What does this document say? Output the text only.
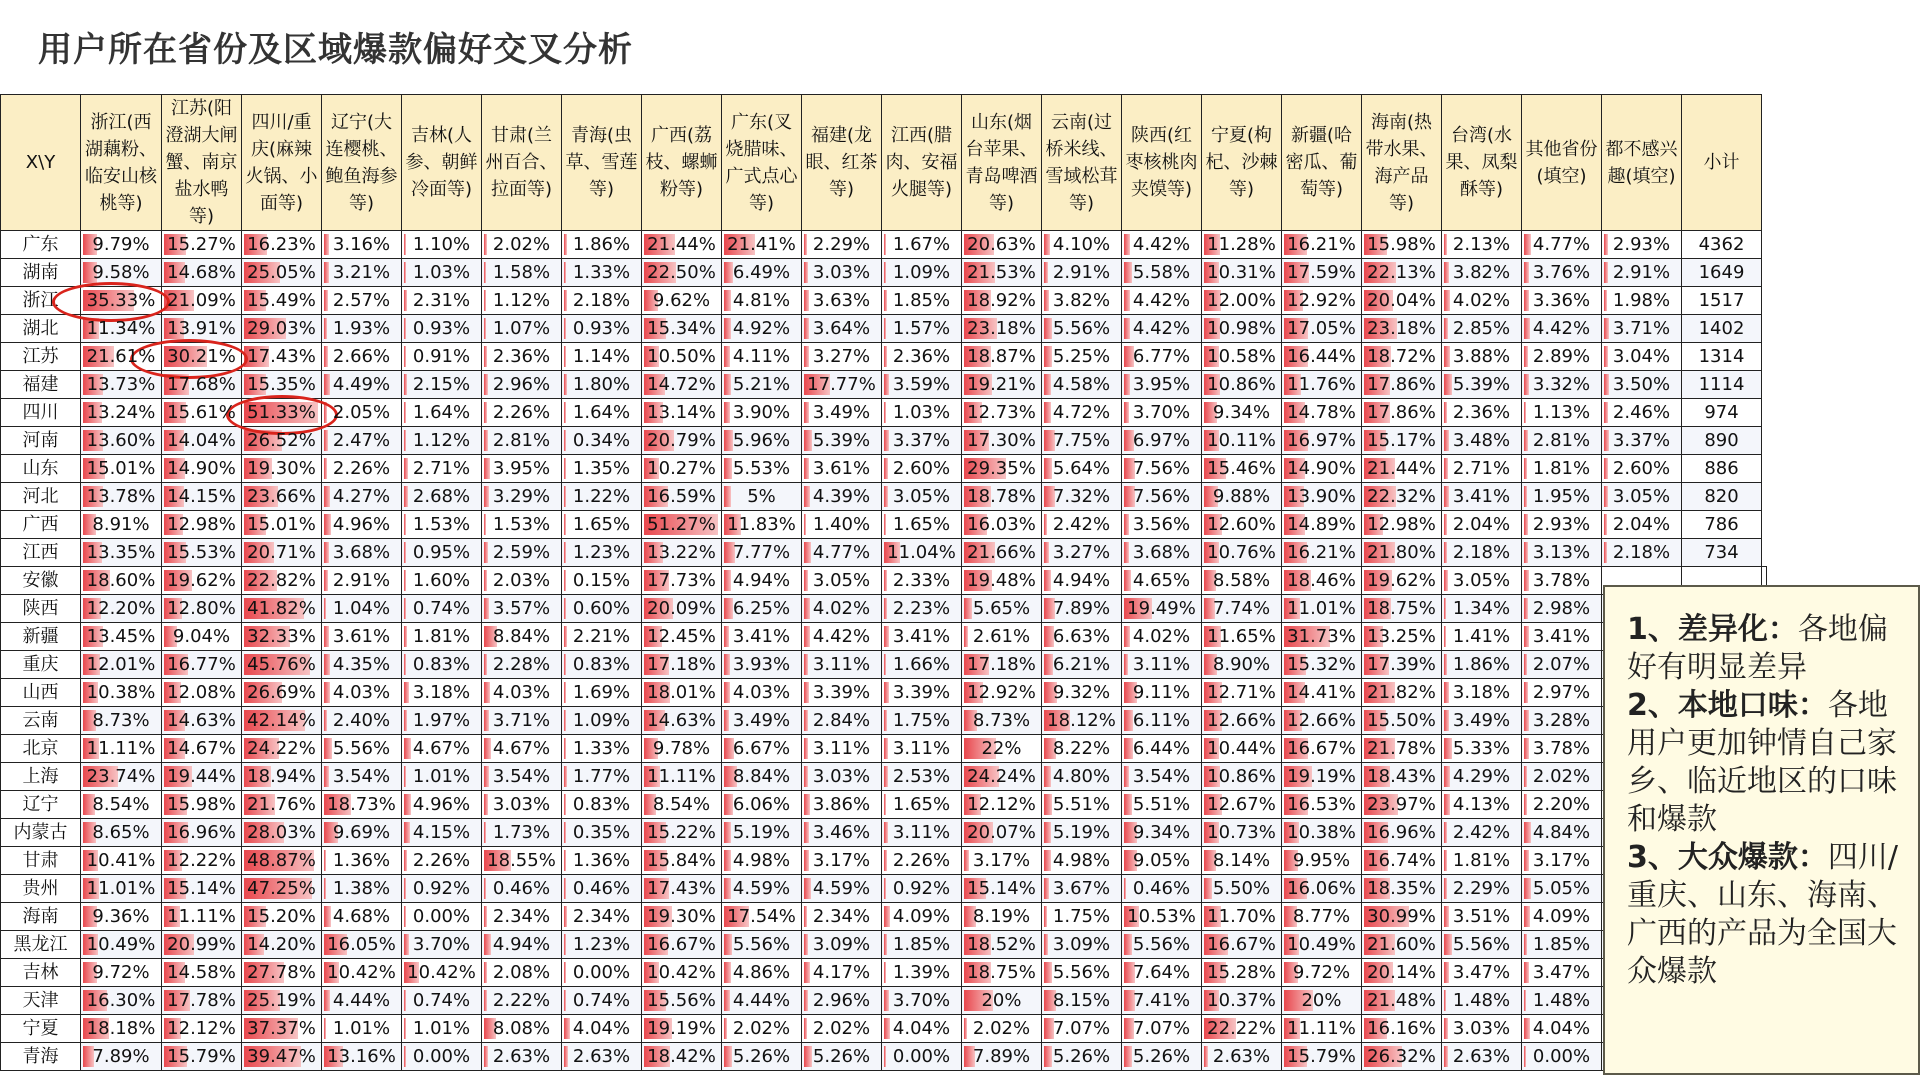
用户所在省份及区域爆款偏好交叉分析
X\Y	浙江(西湖藕粉、临安山核桃等)	江苏(阳澄湖大闸蟹、南京盐水鸭等)	四川/重庆(麻辣火锅、小面等)	辽宁(大连樱桃、鲍鱼海参等)	吉林(人参、朝鲜冷面等)	甘肃(兰州百合、拉面等)	青海(虫草、雪莲等)	广西(荔枝、螺蛳粉等)	广东(叉烧腊味、广式点心等)	福建(龙眼、红茶等)	江西(腊肉、安福火腿等)	山东(烟台苹果、青岛啤酒等)	云南(过桥米线、雪域松茸等)	陕西(红枣核桃肉夹馍等)	宁夏(枸杞、沙棘等)	新疆(哈密瓜、葡萄等)	海南(热带水果、海产品等)	台湾(水果、凤梨酥等)	其他省份 (填空)	都不感兴趣(填空)	小计	
广东	9.79%	15.27%	16.23%	3.16%	1.10%	2.02%	1.86%	21.44%	21.41%	2.29%	1.67%	20.63%	4.10%	4.42%	11.28%	16.21%	15.98%	2.13%	4.77%	2.93%	4362	
湖南	9.58%	14.68%	25.05%	3.21%	1.03%	1.58%	1.33%	22.50%	6.49%	3.03%	1.09%	21.53%	2.91%	5.58%	10.31%	17.59%	22.13%	3.82%	3.76%	2.91%	1649	
浙江	35.33%	21.09%	15.49%	2.57%	2.31%	1.12%	2.18%	9.62%	4.81%	3.63%	1.85%	18.92%	3.82%	4.42%	12.00%	12.92%	20.04%	4.02%	3.36%	1.98%	1517	
湖北	11.34%	13.91%	29.03%	1.93%	0.93%	1.07%	0.93%	15.34%	4.92%	3.64%	1.57%	23.18%	5.56%	4.42%	10.98%	17.05%	23.18%	2.85%	4.42%	3.71%	1402	
江苏	21.61%	30.21%	17.43%	2.66%	0.91%	2.36%	1.14%	10.50%	4.11%	3.27%	2.36%	18.87%	5.25%	6.77%	10.58%	16.44%	18.72%	3.88%	2.89%	3.04%	1314	
福建	13.73%	17.68%	15.35%	4.49%	2.15%	2.96%	1.80%	14.72%	5.21%	17.77%	3.59%	19.21%	4.58%	3.95%	10.86%	11.76%	17.86%	5.39%	3.32%	3.50%	1114	
四川	13.24%	15.61%	51.33%	2.05%	1.64%	2.26%	1.64%	13.14%	3.90%	3.49%	1.03%	12.73%	4.72%	3.70%	9.34%	14.78%	17.86%	2.36%	1.13%	2.46%	974	
河南	13.60%	14.04%	26.52%	2.47%	1.12%	2.81%	0.34%	20.79%	5.96%	5.39%	3.37%	17.30%	7.75%	6.97%	10.11%	16.97%	15.17%	3.48%	2.81%	3.37%	890	
山东	15.01%	14.90%	19.30%	2.26%	2.71%	3.95%	1.35%	10.27%	5.53%	3.61%	2.60%	29.35%	5.64%	7.56%	15.46%	14.90%	21.44%	2.71%	1.81%	2.60%	886	
河北	13.78%	14.15%	23.66%	4.27%	2.68%	3.29%	1.22%	16.59%	5%	4.39%	3.05%	18.78%	7.32%	7.56%	9.88%	13.90%	22.32%	3.41%	1.95%	3.05%	820	
广西	8.91%	12.98%	15.01%	4.96%	1.53%	1.53%	1.65%	51.27%	11.83%	1.40%	1.65%	16.03%	2.42%	3.56%	12.60%	14.89%	12.98%	2.04%	2.93%	2.04%	786	
江西	13.35%	15.53%	20.71%	3.68%	0.95%	2.59%	1.23%	13.22%	7.77%	4.77%	11.04%	21.66%	3.27%	3.68%	10.76%	16.21%	21.80%	2.18%	3.13%	2.18%	734	
安徽	18.60%	19.62%	22.82%	2.91%	1.60%	2.03%	0.15%	17.73%	4.94%	3.05%	2.33%	19.48%	4.94%	4.65%	8.58%	18.46%	19.62%	3.05%	3.78%			
陕西	12.20%	12.80%	41.82%	1.04%	0.74%	3.57%	0.60%	20.09%	6.25%	4.02%	2.23%	5.65%	7.89%	19.49%	7.74%	11.01%	18.75%	1.34%	2.98%			
新疆	13.45%	9.04%	32.33%	3.61%	1.81%	8.84%	2.21%	12.45%	3.41%	4.42%	3.41%	2.61%	6.63%	4.02%	11.65%	31.73%	13.25%	1.41%	3.41%			
重庆	12.01%	16.77%	45.76%	4.35%	0.83%	2.28%	0.83%	17.18%	3.93%	3.11%	1.66%	17.18%	6.21%	3.11%	8.90%	15.32%	17.39%	1.86%	2.07%			
山西	10.38%	12.08%	26.69%	4.03%	3.18%	4.03%	1.69%	18.01%	4.03%	3.39%	3.39%	12.92%	9.32%	9.11%	12.71%	14.41%	21.82%	3.18%	2.97%			
云南	8.73%	14.63%	42.14%	2.40%	1.97%	3.71%	1.09%	14.63%	3.49%	2.84%	1.75%	8.73%	18.12%	6.11%	12.66%	12.66%	15.50%	3.49%	3.28%			
北京	11.11%	14.67%	24.22%	5.56%	4.67%	4.67%	1.33%	9.78%	6.67%	3.11%	3.11%	22%	8.22%	6.44%	10.44%	16.67%	21.78%	5.33%	3.78%			
上海	23.74%	19.44%	18.94%	3.54%	1.01%	3.54%	1.77%	11.11%	8.84%	3.03%	2.53%	24.24%	4.80%	3.54%	10.86%	19.19%	18.43%	4.29%	2.02%			
辽宁	8.54%	15.98%	21.76%	18.73%	4.96%	3.03%	0.83%	8.54%	6.06%	3.86%	1.65%	12.12%	5.51%	5.51%	12.67%	16.53%	23.97%	4.13%	2.20%			
内蒙古	8.65%	16.96%	28.03%	9.69%	4.15%	1.73%	0.35%	15.22%	5.19%	3.46%	3.11%	20.07%	5.19%	9.34%	10.73%	10.38%	16.96%	2.42%	4.84%			
甘肃	10.41%	12.22%	48.87%	1.36%	2.26%	18.55%	1.36%	15.84%	4.98%	3.17%	2.26%	3.17%	4.98%	9.05%	8.14%	9.95%	16.74%	1.81%	3.17%			
贵州	11.01%	15.14%	47.25%	1.38%	0.92%	0.46%	0.46%	17.43%	4.59%	4.59%	0.92%	15.14%	3.67%	0.46%	5.50%	16.06%	18.35%	2.29%	5.05%			
海南	9.36%	11.11%	15.20%	4.68%	0.00%	2.34%	2.34%	19.30%	17.54%	2.34%	4.09%	8.19%	1.75%	10.53%	11.70%	8.77%	30.99%	3.51%	4.09%			
黑龙江	10.49%	20.99%	14.20%	16.05%	3.70%	4.94%	1.23%	16.67%	5.56%	3.09%	1.85%	18.52%	3.09%	5.56%	16.67%	10.49%	21.60%	5.56%	1.85%			
吉林	9.72%	14.58%	27.78%	10.42%	10.42%	2.08%	0.00%	10.42%	4.86%	4.17%	1.39%	18.75%	5.56%	7.64%	15.28%	9.72%	20.14%	3.47%	3.47%			
天津	16.30%	17.78%	25.19%	4.44%	0.74%	2.22%	0.74%	15.56%	4.44%	2.96%	3.70%	20%	8.15%	7.41%	10.37%	20%	21.48%	1.48%	1.48%			
宁夏	18.18%	12.12%	37.37%	1.01%	1.01%	8.08%	4.04%	19.19%	2.02%	2.02%	4.04%	2.02%	7.07%	7.07%	22.22%	11.11%	16.16%	3.03%	4.04%			
青海	7.89%	15.79%	39.47%	13.16%	0.00%	2.63%	2.63%	18.42%	5.26%	5.26%	0.00%	7.89%	5.26%	5.26%	2.63%	15.79%	26.32%	2.63%	0.00%			

1、差异化：各地偏好有明显差异

2、本地口味：各地用户更加钟情自己家乡、临近地区的口味和爆款

3、大众爆款：四川/重庆、山东、海南、广西的产品为全国大众爆款
